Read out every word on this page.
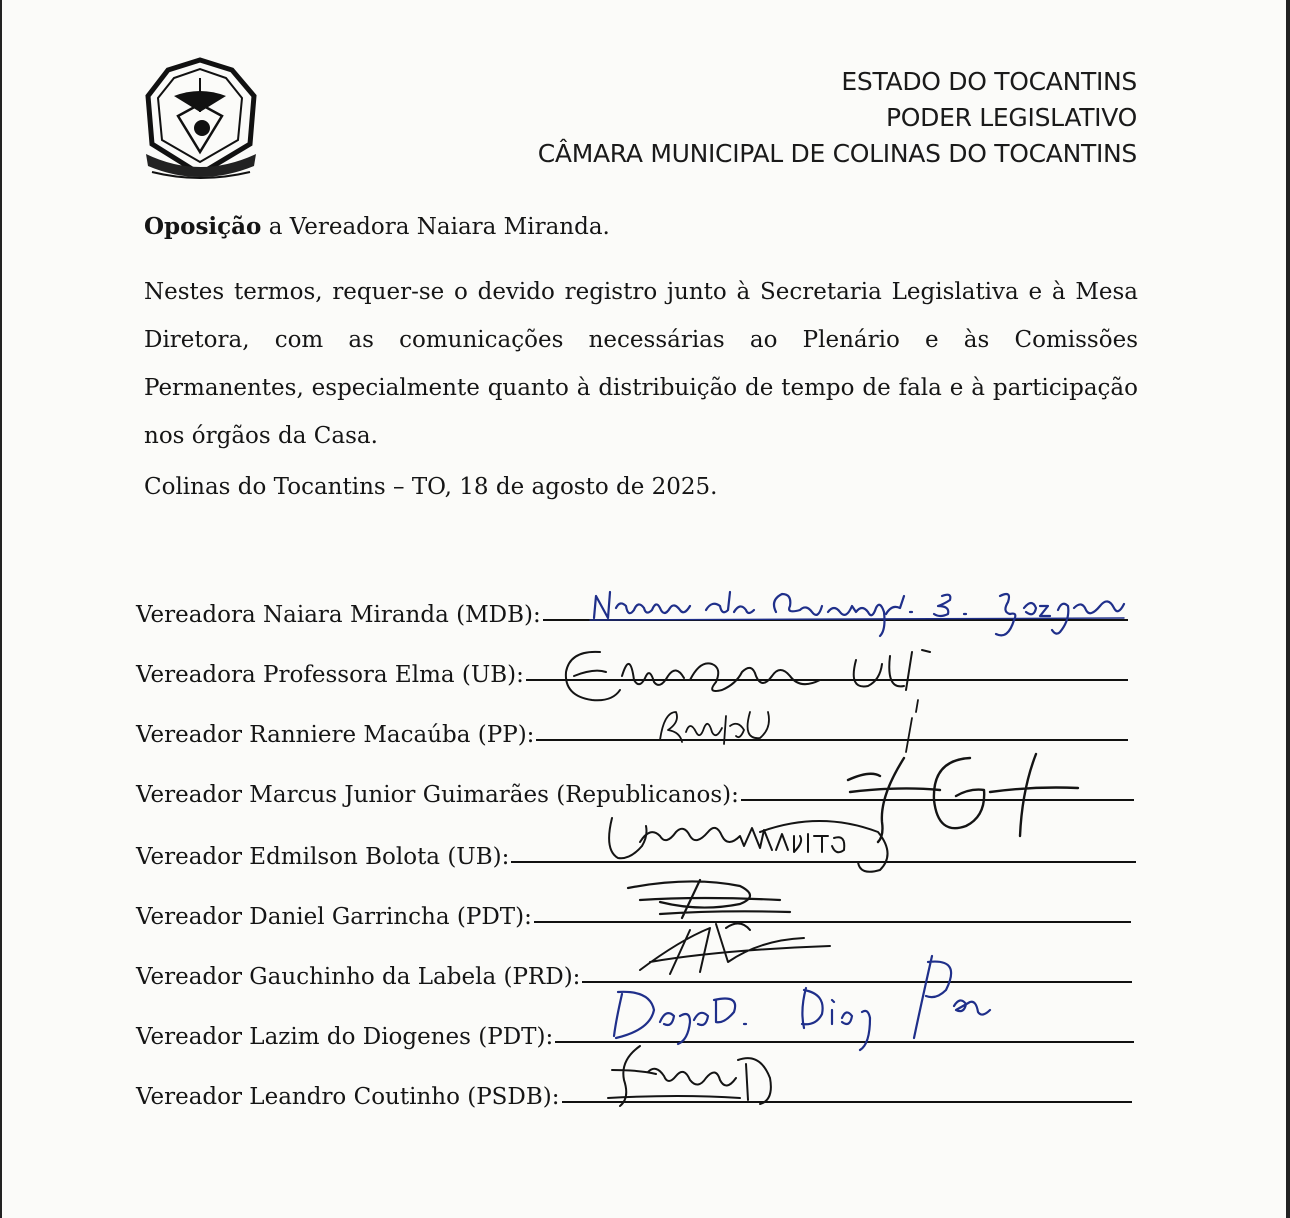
ESTADO DO TOCANTINS
PODER LEGISLATIVO
CÂMARA MUNICIPAL DE COLINAS DO TOCANTINS
Oposição a Vereadora Naiara Miranda.
Nestes termos, requer-se o devido registro junto à Secretaria Legislativa e à Mesa Diretora, com as comunicações necessárias ao Plenário e às Comissões Permanentes, especialmente quanto à distribuição de tempo de fala e à participação nos órgãos da Casa.
Colinas do Tocantins – TO, 18 de agosto de 2025.
Vereadora Naiara Miranda (MDB):
Vereadora Professora Elma (UB):
Vereador Ranniere Macaúba (PP):
Vereador Marcus Junior Guimarães (Republicanos):
Vereador Edmilson Bolota (UB):
Vereador Daniel Garrincha (PDT):
Vereador Gauchinho da Labela (PRD):
Vereador Lazim do Diogenes (PDT):
Vereador Leandro Coutinho (PSDB):
